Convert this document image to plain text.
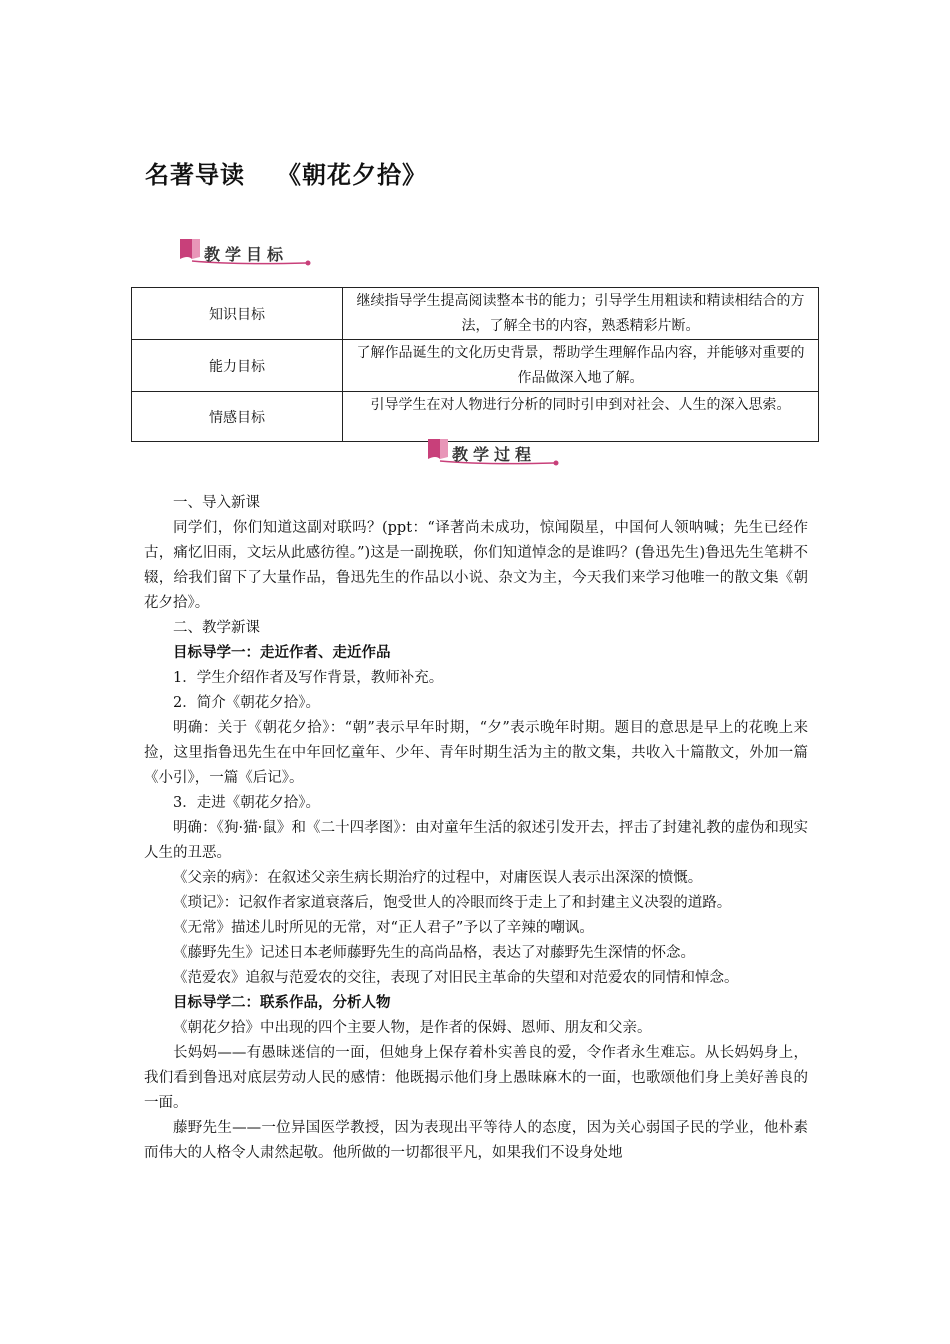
名著导读 《朝花夕拾》
教学目标
知识目标	继续指导学生提高阅读整本书的能力；引导学生用粗读和精读相结合的方法，了解全书的内容，熟悉精彩片断。
能力目标	了解作品诞生的文化历史背景，帮助学生理解作品内容，并能够对重要的作品做深入地了解。
情感目标	引导学生在对人物进行分析的同时引申到对社会、人生的深入思索。
教学过程

一、导入新课

同学们，你们知道这副对联吗？(ppt：“译著尚未成功，惊闻陨星，中国何人领呐喊；先生已经作古，痛忆旧雨，文坛从此感彷徨。”)这是一副挽联，你们知道悼念的是谁吗？(鲁迅先生)鲁迅先生笔耕不辍，给我们留下了大量作品，鲁迅先生的作品以小说、杂文为主，今天我们来学习他唯一的散文集《朝花夕拾》。

二、教学新课

目标导学一：走近作者、走近作品

1．学生介绍作者及写作背景，教师补充。

2．简介《朝花夕拾》。

明确：关于《朝花夕拾》：“朝”表示早年时期，“夕”表示晚年时期。题目的意思是早上的花晚上来捡，这里指鲁迅先生在中年回忆童年、少年、青年时期生活为主的散文集，共收入十篇散文，外加一篇《小引》，一篇《后记》。

3．走进《朝花夕拾》。

明确：《狗·猫·鼠》和《二十四孝图》：由对童年生活的叙述引发开去，抨击了封建礼教的虚伪和现实人生的丑恶。

《父亲的病》：在叙述父亲生病长期治疗的过程中，对庸医误人表示出深深的愤慨。

《琐记》：记叙作者家道衰落后，饱受世人的冷眼而终于走上了和封建主义决裂的道路。

《无常》描述儿时所见的无常，对“正人君子”予以了辛辣的嘲讽。

《藤野先生》记述日本老师藤野先生的高尚品格，表达了对藤野先生深情的怀念。

《范爱农》追叙与范爱农的交往，表现了对旧民主革命的失望和对范爱农的同情和悼念。

目标导学二：联系作品，分析人物

《朝花夕拾》中出现的四个主要人物，是作者的保姆、恩师、朋友和父亲。

长妈妈——有愚昧迷信的一面，但她身上保存着朴实善良的爱，令作者永生难忘。从长妈妈身上，我们看到鲁迅对底层劳动人民的感情：他既揭示他们身上愚昧麻木的一面，也歌颂他们身上美好善良的一面。

藤野先生——一位异国医学教授，因为表现出平等待人的态度，因为关心弱国子民的学业，他朴素而伟大的人格令人肃然起敬。他所做的一切都很平凡，如果我们不设身处地
